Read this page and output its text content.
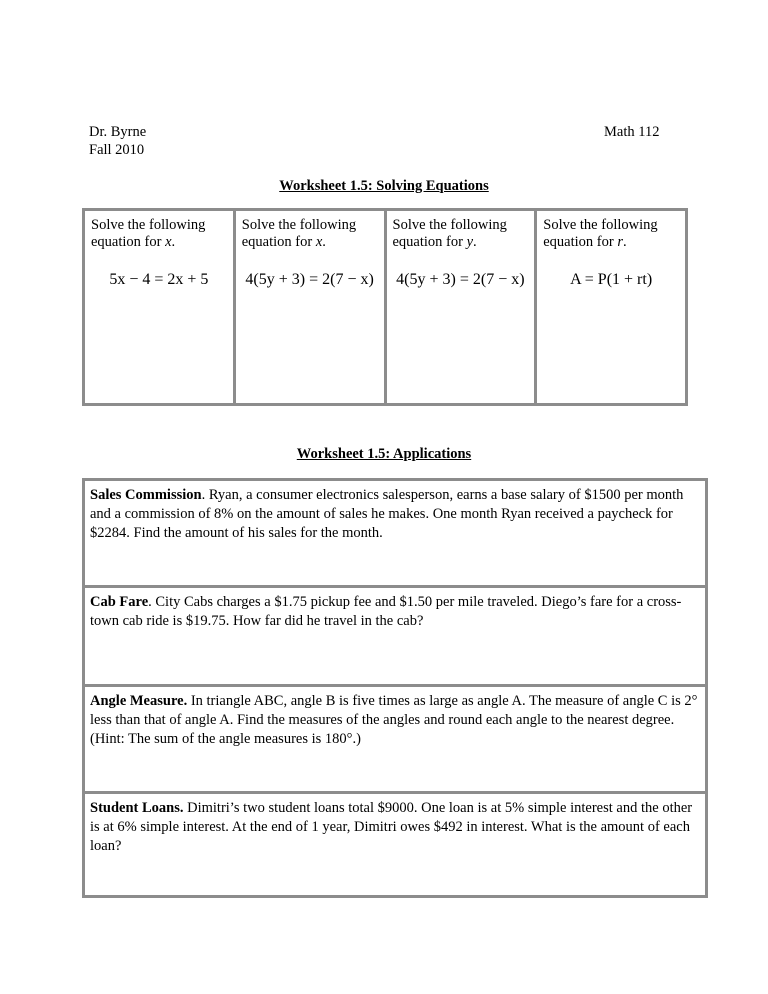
Dr. Byrne
Fall 2010
Math 112
Worksheet 1.5: Solving Equations
Solve the following equation for x.
5x − 4 = 2x + 5
Solve the following equation for x.
4(5y + 3) = 2(7 − x)
Solve the following equation for y.
4(5y + 3) = 2(7 − x)
Solve the following equation for r.
A = P(1 + rt)
Worksheet 1.5: Applications
Sales Commission. Ryan, a consumer electronics salesperson, earns a base salary of $1500 per month and a commission of 8% on the amount of sales he makes. One month Ryan received a paycheck for $2284. Find the amount of his sales for the month.
Cab Fare. City Cabs charges a $1.75 pickup fee and $1.50 per mile traveled. Diego’s fare for a cross-town cab ride is $19.75. How far did he travel in the cab?
Angle Measure. In triangle ABC, angle B is five times as large as angle A. The measure of angle C is 2° less than that of angle A. Find the measures of the angles and round each angle to the nearest degree. (Hint: The sum of the angle measures is 180°.)
Student Loans. Dimitri’s two student loans total $9000. One loan is at 5% simple interest and the other is at 6% simple interest. At the end of 1 year, Dimitri owes $492 in interest. What is the amount of each loan?
